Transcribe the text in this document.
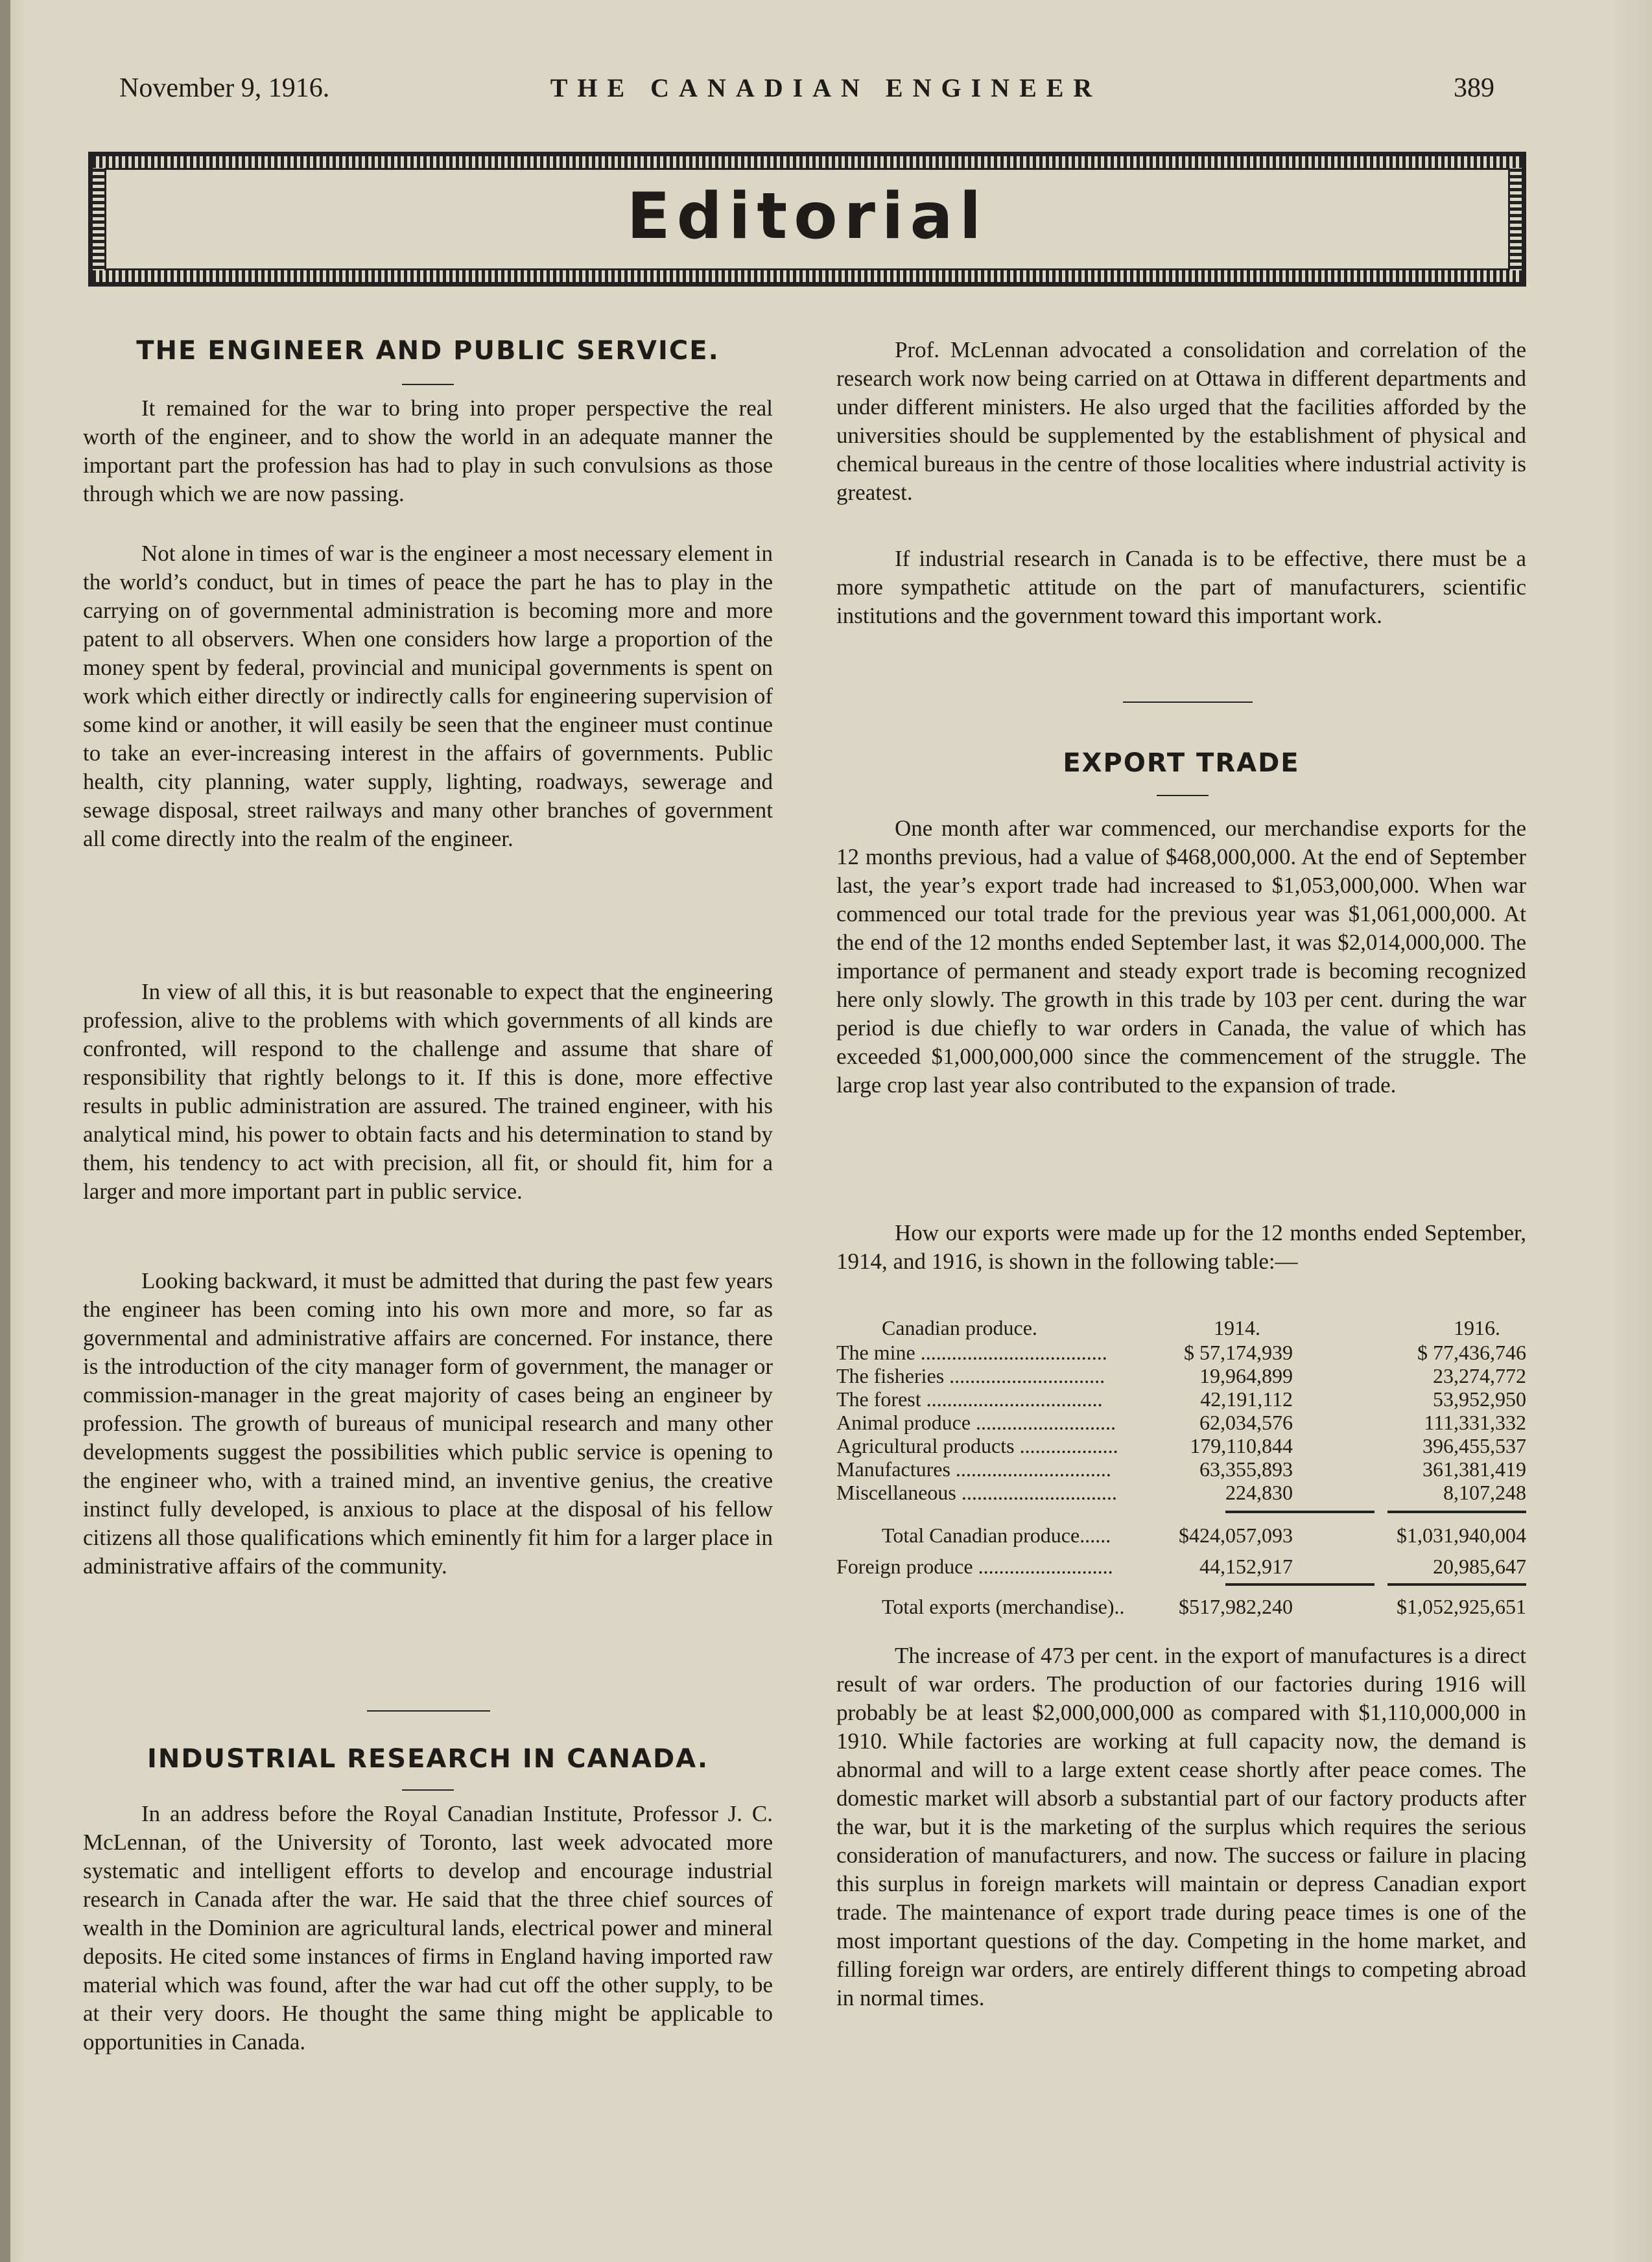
November 9, 1916.	THE CANADIAN ENGINEER	389
Editorial
THE ENGINEER AND PUBLIC SERVICE.
It remained for the war to bring into proper perspective the real worth of the engineer, and to show the world in an adequate manner the important part the profession has had to play in such convulsions as those through which we are now passing.
Not alone in times of war is the engineer a most necessary element in the world’s conduct, but in times of peace the part he has to play in the carrying on of governmental administration is becoming more and more patent to all observers. When one considers how large a proportion of the money spent by federal, provincial and municipal governments is spent on work which either directly or indirectly calls for engineering supervision of some kind or another, it will easily be seen that the engineer must continue to take an ever-increasing interest in the affairs of governments. Public health, city planning, water supply, lighting, roadways, sewerage and sewage disposal, street railways and many other branches of government all come directly into the realm of the engineer.
In view of all this, it is but reasonable to expect that the engineering profession, alive to the problems with which governments of all kinds are confronted, will respond to the challenge and assume that share of responsibility that rightly belongs to it. If this is done, more effective results in public administration are assured. The trained engineer, with his analytical mind, his power to obtain facts and his determination to stand by them, his tendency to act with precision, all fit, or should fit, him for a larger and more important part in public service.
Looking backward, it must be admitted that during the past few years the engineer has been coming into his own more and more, so far as governmental and administrative affairs are concerned. For instance, there is the introduction of the city manager form of government, the manager or commission-manager in the great majority of cases being an engineer by profession. The growth of bureaus of municipal research and many other developments suggest the possibilities which public service is opening to the engineer who, with a trained mind, an inventive genius, the creative instinct fully developed, is anxious to place at the disposal of his fellow citizens all those qualifications which eminently fit him for a larger place in administrative affairs of the community.
INDUSTRIAL RESEARCH IN CANADA.
In an address before the Royal Canadian Institute, Professor J. C. McLennan, of the University of Toronto, last week advocated more systematic and intelligent efforts to develop and encourage industrial research in Canada after the war. He said that the three chief sources of wealth in the Dominion are agricultural lands, electrical power and mineral deposits. He cited some instances of firms in England having imported raw material which was found, after the war had cut off the other supply, to be at their very doors. He thought the same thing might be applicable to opportunities in Canada.
Prof. McLennan advocated a consolidation and correlation of the research work now being carried on at Ottawa in different departments and under different ministers. He also urged that the facilities afforded by the universities should be supplemented by the establishment of physical and chemical bureaus in the centre of those localities where industrial activity is greatest.
If industrial research in Canada is to be effective, there must be a more sympathetic attitude on the part of manufacturers, scientific institutions and the government toward this important work.
EXPORT TRADE
One month after war commenced, our merchandise exports for the 12 months previous, had a value of $468,000,000. At the end of September last, the year’s export trade had increased to $1,053,000,000. When war commenced our total trade for the previous year was $1,061,000,000. At the end of the 12 months ended September last, it was $2,014,000,000. The importance of permanent and steady export trade is becoming recognized here only slowly. The growth in this trade by 103 per cent. during the war period is due chiefly to war orders in Canada, the value of which has exceeded $1,000,000,000 since the commencement of the struggle. The large crop last year also contributed to the expansion of trade.
How our exports were made up for the 12 months ended September, 1914, and 1916, is shown in the following table:—
Canadian produce.	1914.	1916.
The mine ....................................	$ 57,174,939	$ 77,436,746
The fisheries ..............................	19,964,899	23,274,772
The forest ..................................	42,191,112	53,952,950
Animal produce ...........................	62,034,576	111,331,332
Agricultural products ...................	179,110,844	396,455,537
Manufactures ..............................	63,355,893	361,381,419
Miscellaneous ..............................	224,830	8,107,248
Total Canadian produce......	$424,057,093	$1,031,940,004
Foreign produce ..........................	44,152,917	20,985,647
Total exports (merchandise)..	$517,982,240	$1,052,925,651
The increase of 473 per cent. in the export of manufactures is a direct result of war orders. The production of our factories during 1916 will probably be at least $2,000,000,000 as compared with $1,110,000,000 in 1910. While factories are working at full capacity now, the demand is abnormal and will to a large extent cease shortly after peace comes. The domestic market will absorb a substantial part of our factory products after the war, but it is the marketing of the surplus which requires the serious consideration of manufacturers, and now. The success or failure in placing this surplus in foreign markets will maintain or depress Canadian export trade. The maintenance of export trade during peace times is one of the most important questions of the day. Competing in the home market, and filling foreign war orders, are entirely different things to competing abroad in normal times.
